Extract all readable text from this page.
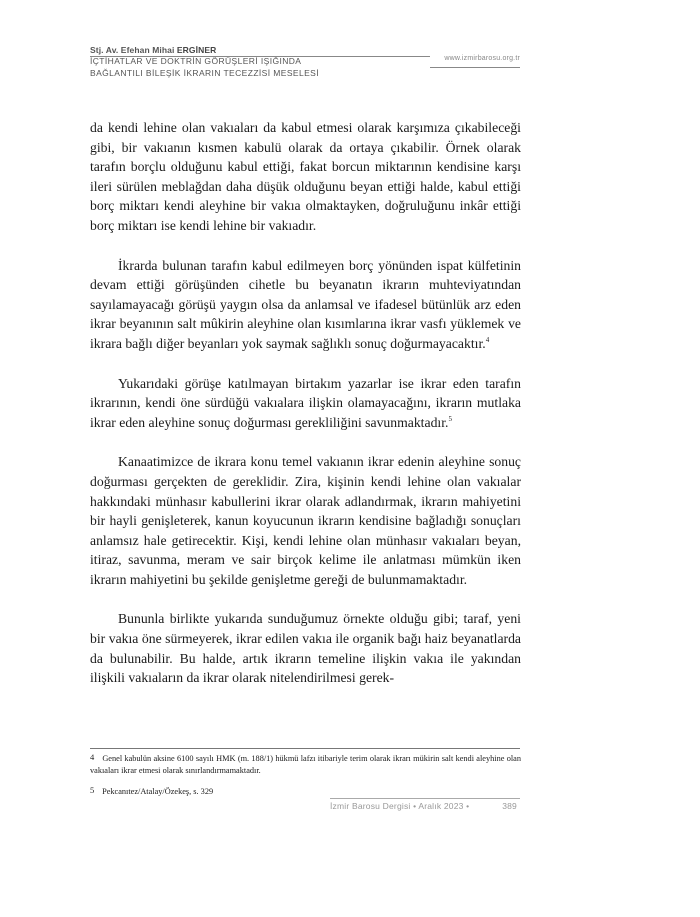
Stj. Av. Efehan Mihai ERGİNER
İÇTİHATLAR VE DOKTRİN GÖRÜŞLERİ IŞIĞINDA
BAĞLANTILI BİLEŞİK İKRARIN TECEZZİSİ MESELESİ
www.izmirbarosu.org.tr

da kendi lehine olan vakıaları da kabul etmesi olarak karşımıza çıkabileceği gibi, bir vakıanın kısmen kabulü olarak da ortaya çıkabilir. Örnek olarak tarafın borçlu olduğunu kabul ettiği, fakat borcun miktarının kendisine karşı ileri sürülen meblağdan daha düşük olduğunu beyan ettiği halde, kabul ettiği borç miktarı kendi aleyhine bir vakıa olmaktayken, doğruluğunu inkâr ettiği borç miktarı ise kendi lehine bir vakıadır.

İkrarda bulunan tarafın kabul edilmeyen borç yönünden ispat külfetinin devam ettiği görüşünden cihetle bu beyanatın ikrarın muhteviyatından sayılamayacağı görüşü yaygın olsa da anlamsal ve ifadesel bütünlük arz eden ikrar beyanının salt mûkirin aleyhine olan kısımlarına ikrar vasfı yüklemek ve ikrara bağlı diğer beyanları yok saymak sağlıklı sonuç doğurmayacaktır.$^4$

Yukarıdaki görüşe katılmayan birtakım yazarlar ise ikrar eden tarafın ikrarının, kendi öne sürdüğü vakıalara ilişkin olamayacağını, ikrarın mutlaka ikrar eden aleyhine sonuç doğurması gerekliliğini savunmaktadır.$^5$

Kanaatimizce de ikrara konu temel vakıanın ikrar edenin aleyhine sonuç doğurması gerçekten de gereklidir. Zira, kişinin kendi lehine olan vakıalar hakkındaki münhasır kabullerini ikrar olarak adlandırmak, ikrarın mahiyetini bir hayli genişleterek, kanun koyucunun ikrarın kendisine bağladığı sonuçları anlamsız hale getirecektir. Kişi, kendi lehine olan münhasır vakıaları beyan, itiraz, savunma, meram ve sair birçok kelime ile anlatması mümkün iken ikrarın mahiyetini bu şekilde genişletme gereği de bulunmamaktadır.

Bununla birlikte yukarıda sunduğumuz örnekte olduğu gibi; taraf, yeni bir vakıa öne sürmeyerek, ikrar edilen vakıa ile organik bağı haiz beyanatlarda da bulunabilir. Bu halde, artık ikrarın temeline ilişkin vakıa ile yakından ilişkili vakıaların da ikrar olarak nitelendirilmesi gerek-

4 Genel kabulün aksine 6100 sayılı HMK (m. 188/1) hükmü lafzı itibariyle terim olarak ikrarı mükirin salt kendi aleyhine olan vakıaları ikrar etmesi olarak sınırlandırmamaktadır.
5 Pekcanıtez/Atalay/Özekeş, s. 329
İzmir Barosu Dergisi • Aralık 2023 •	389
